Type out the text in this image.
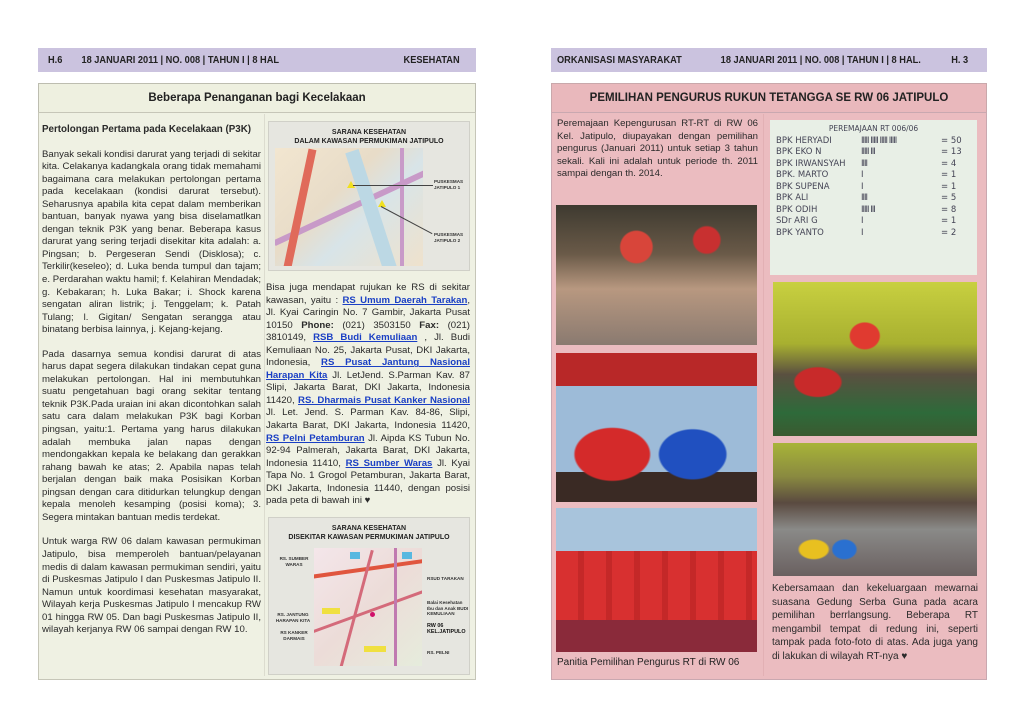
H.6	18 JANUARI 2011 | NO. 008 | TAHUN I | 8 HAL	KESEHATAN
Beberapa Penanganan bagi Kecelakaan
Pertolongan Pertama pada Kecelakaan (P3K)

Banyak sekali kondisi darurat yang terjadi di sekitar kita. Celakanya kadangkala orang tidak memahami bagaimana cara melakukan pertolongan pertama pada kecelakaan (kondisi darurat tersebut). Seharusnya apabila kita cepat dalam memberikan bantuan, banyak nyawa yang bisa diselamatlkan dengan teknik P3K yang benar. Beberapa kasus darurat yang sering terjadi disekitar kita adalah: a. Pingsan; b. Pergeseran Sendi (Disklosa); c. Terkilir(keseleo); d. Luka benda tumpul dan tajam; e. Perdarahan waktu hamil; f. Kelahiran Mendadak; g. Kebakaran; h. Luka Bakar; i. Shock karena sengatan aliran listrik; j. Tenggelam; k. Patah Tulang; l. Gigitan/ Sengatan serangga atau binatang berbisa lainnya, j. Kejang-kejang.

Pada dasarnya semua kondisi darurat di atas harus dapat segera dilakukan tindakan cepat guna melakukan pertolongan. Hal ini membutuhkan suatu pengetahuan bagi orang sekitar tentang teknik P3K.Pada uraian ini akan dicontohkan salah satu cara dalam melakukan P3K bagi Korban pingsan, yaitu:1. Pertama yang harus dilakukan adalah membuka jalan napas dengan mendongakkan kepala ke belakang dan gerakkan rahang bawah ke atas; 2. Apabila napas telah berjalan dengan baik maka Posisikan Korban pingsan dengan cara ditidurkan telungkup dengan kepala menoleh kesamping (posisi koma); 3. Segera mintakan bantuan medis terdekat.

Untuk warga RW 06 dalam kawasan permukiman Jatipulo, bisa memperoleh bantuan/pelayanan medis di dalam kawasan permukiman sendiri, yaitu di Puskesmas Jatipulo I dan Puskesmas Jatipulo II. Namun untuk koordimasi kesehatan masyarakat, Wilayah kerja Puskesmas Jatipulo I mencakup RW 01 hingga RW 05. Dan bagi Puskesmas Jatipulo II, wilayah kerjanya RW 06 sampai dengan RW 10.

SARANA KESEHATAN
DALAM KAWASAN PERMUKIMAN JATIPULO
PUSKESMAS JATIPULO 1
PUSKESMAS JATIPULO 2
Bisa juga mendapat rujukan ke RS di sekitar kawasan, yaitu : RS Umum Daerah Tarakan, Jl. Kyai Caringin No. 7 Gambir, Jakarta Pusat 10150 Phone: (021) 3503150 Fax: (021) 3810149, RSB Budi Kemuliaan , Jl. Budi Kemuliaan No. 25, Jakarta Pusat, DKI Jakarta, Indonesia, RS Pusat Jantung Nasional Harapan Kita Jl. LetJend. S.Parman Kav. 87 Slipi, Jakarta Barat, DKI Jakarta, Indonesia 11420, RS. Dharmais Pusat Kanker Nasional Jl. Let. Jend. S. Parman Kav. 84-86, Slipi, Jakarta Barat, DKI Jakarta, Indonesia 11420, RS Pelni Petamburan Jl. Aipda KS Tubun No. 92-94 Palmerah, Jakarta Barat, DKI Jakarta, Indonesia 11410, RS Sumber Waras Jl. Kyai Tapa No. 1 Grogol Petamburan, Jakarta Barat, DKI Jakarta, Indonesia 11440, dengan posisi pada peta di bawah ini ♥
SARANA KESEHATAN
DISEKITAR KAWASAN PERMUKIMAN JATIPULO
RS. SUMBER WARAS
RSUD TARAKAN
Balai Kesehatan Ibu dan Anak BUDI KEMULIAAN
RS. JANTUNG HARAPAN KITA
RW 06 KEL.JATIPULO
RS KANKER DARMAIS
RS. PELNI
ORKANISASI MASYARAKAT	18 JANUARI 2011 | NO. 008 | TAHUN I | 8 HAL.	H. 3
PEMILIHAN PENGURUS RUKUN TETANGGA SE RW 06 JATIPULO
Peremajaan Kepengurusan RT-RT di RW 06 Kel. Jatipulo, diupayakan dengan pemilihan pengurus (Januari 2011) untuk setiap 3 tahun sekali. Kali ini adalah untuk periode th. 2011 sampai dengan th. 2014.
Panitia Pemilihan Pengurus RT di RW 06
PEREMAJAAN RT 006/06
BPK HERYADI	IIIII IIIII IIIII IIIII	= 50
BPK EKO N	IIIII III	= 13
BPK IRWANSYAH	IIII	= 4
BPK. MARTO	I	= 1
BPK SUPENA	I	= 1
BPK ALI	IIII	= 5
BPK ODIH	IIIII III	= 8
SDr ARI G	I	= 1
BPK YANTO	I	= 2
Kebersamaan dan kekeluargaan mewarnai suasana Gedung Serba Guna pada acara pemilihan berrlangsung. Beberapa RT mengambil tempat di redung ini, seperti tampak pada foto-foto di atas. Ada juga yang di lakukan di wilayah RT-nya ♥
